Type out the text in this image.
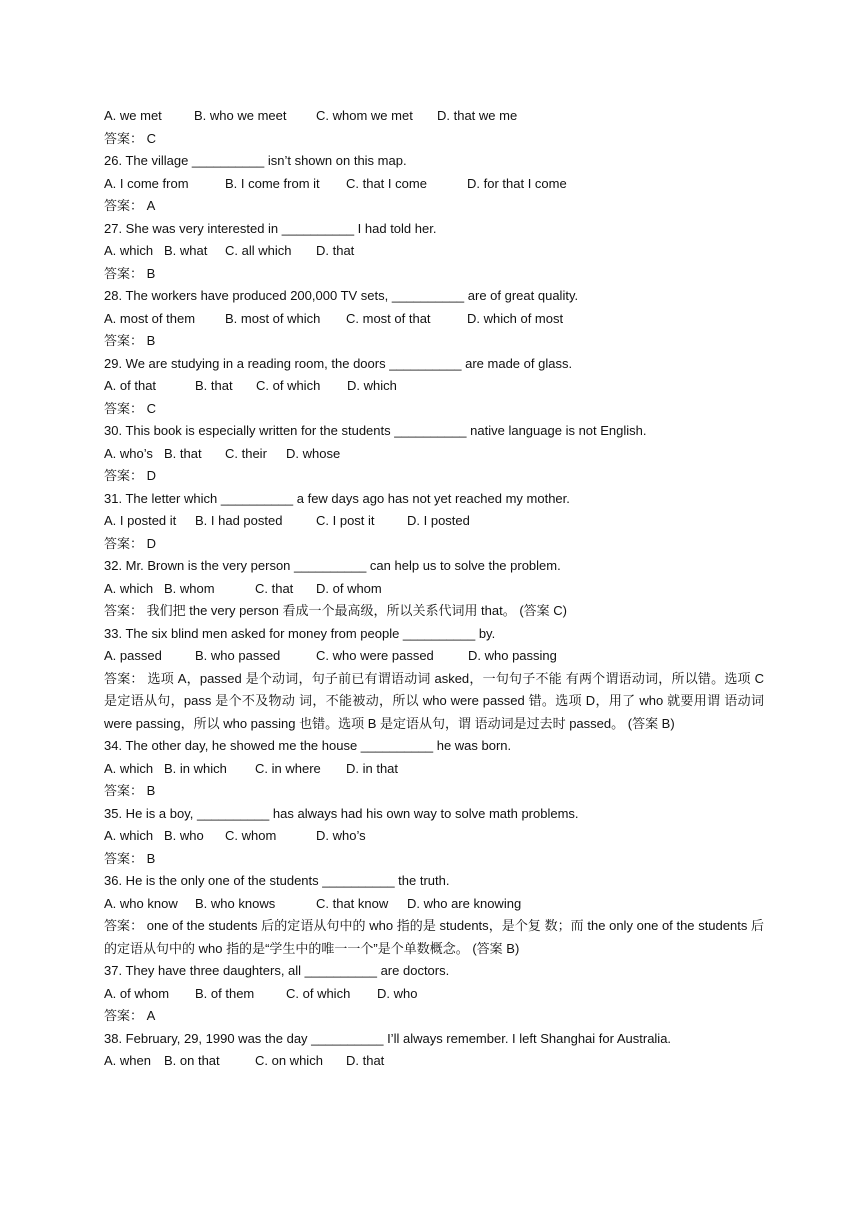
A. we met B. who we meet C. whom we met D. that we me
答案： C
26. The village __________ isn’t shown on this map.
A. I come from	B. I come from it C. that I come	D. for that I come
答案： A
27. She was very interested in __________ I had told her.
A. which B. what C. all which D. that
答案： B
28. The workers have produced 200,000 TV sets, __________ are of great quality.
A. most of them B. most of which C. most of that	D. which of most
答案： B
29. We are studying in a reading room, the doors __________ are made of glass.
A. of that	B. that C. of which D. which
答案： C
30. This book is especially written for the students __________ native language is not English.
A. who’s B. that C. their D. whose
答案： D
31. The letter which __________ a few days ago has not yet reached my mother.
A. I posted it B. I had posted	C. I post it D. I posted
答案： D
32. Mr. Brown is the very person __________ can help us to solve the problem.
A. which B. whom	C. that D. of whom
答案： 我们把 the very person 看成一个最高级，所以关系代词用 that。 (答案 C)
33. The six blind men asked for money from people __________ by.
A. passed	B. who passed	C. who were passed	D. who passing
答案： 选项 A，passed 是个动词，句子前已有谓语动词 asked，一句句子不能 有两个谓语动词，所以错。选项 C 是定语从句，pass 是个不及物动 词，不能被动，所以 who were passed 错。选项 D，用了 who 就要用谓 语动词 were passing，所以 who passing 也错。选项 B 是定语从句，谓 语动词是过去时 passed。 (答案 B)
34. The other day, he showed me the house __________ he was born.
A. which B. in which C. in where D. in that
答案： B
35. He is a boy, __________ has always had his own way to solve math problems.
A. which B. who C. whom	D. who’s
答案： B
36. He is the only one of the students __________ the truth.
A. who know B. who knows	C. that know D. who are knowing
答案： one of the students 后的定语从句中的 who 指的是 students，是个复 数；而 the only one of the students 后的定语从句中的 who 指的是“学生中的唯一一个”是个单数概念。 (答案 B)
37. They have three daughters, all __________ are doctors.
A. of whom B. of them C. of which D. who
答案： A
38. February, 29, 1990 was the day __________ I’ll always remember. I left Shanghai for Australia.
A. when B. on that	C. on which D. that
